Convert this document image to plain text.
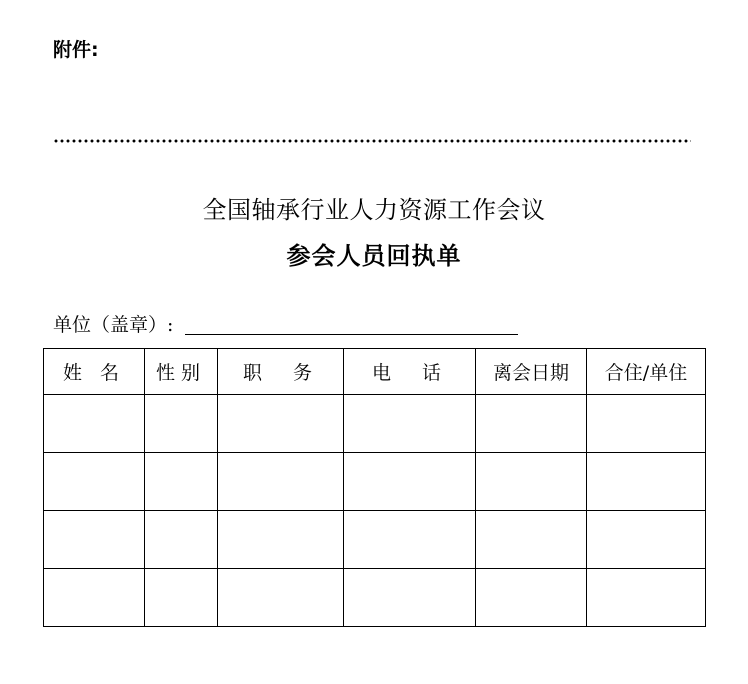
附件:
全国轴承行业人力资源工作会议
参会人员回执单
单位（盖章）:
姓 名	性别	职　务	电　话	离会日期	合住/单住
